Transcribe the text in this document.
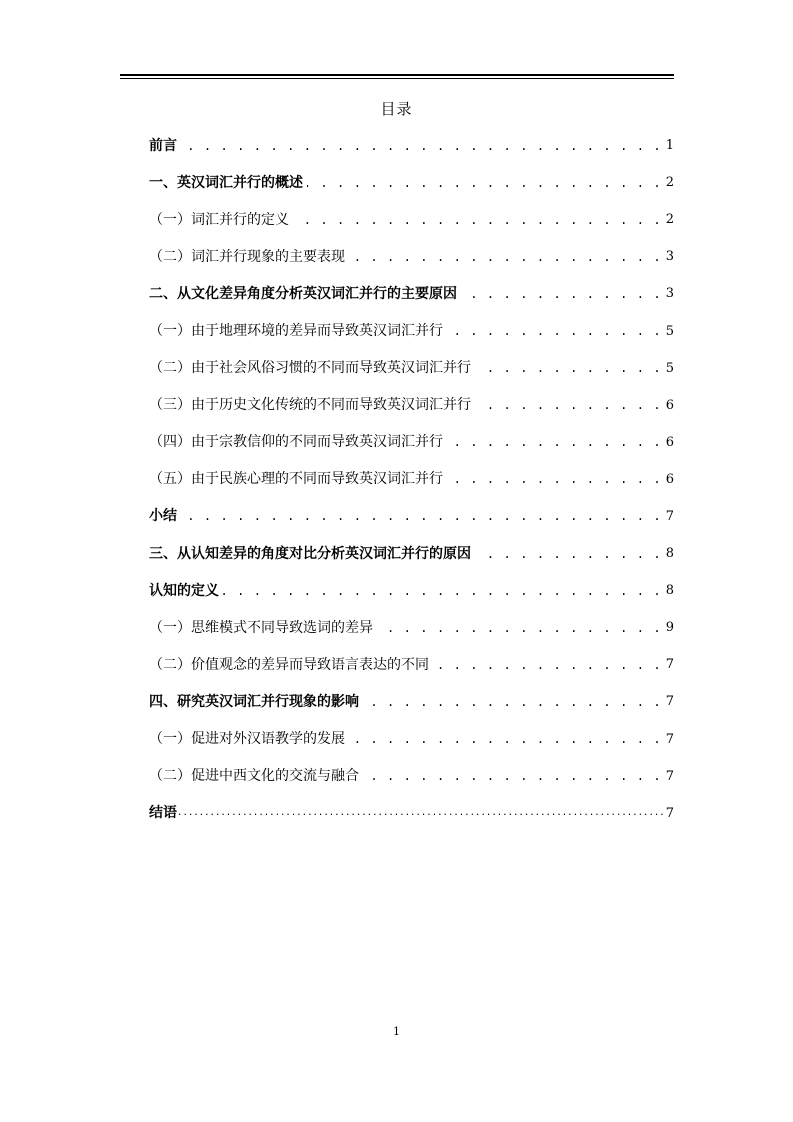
目录
前言 . . .	1
一、英汉词汇并行的概述 . . .	2
（一）词汇并行的定义 . . .	2
（二）词汇并行现象的主要表现 . . .	3
二、从文化差异角度分析英汉词汇并行的主要原因 . . .	3
（一）由于地理环境的差异而导致英汉词汇并行 . . .	5
（二）由于社会风俗习惯的不同而导致英汉词汇并行 . . .	5
（三）由于历史文化传统的不同而导致英汉词汇并行 . . .	6
（四）由于宗教信仰的不同而导致英汉词汇并行 . . .	6
（五）由于民族心理的不同而导致英汉词汇并行 . . .	6
小结 . . .	7
三、从认知差异的角度对比分析英汉词汇并行的原因 . . .	8
认知的定义 . . .	8
（一）思维模式不同导致选词的差异 . . .	9
（二）价值观念的差异而导致语言表达的不同 . . .	7
四、研究英汉词汇并行现象的影响 . . .	7
（一）促进对外汉语教学的发展 . . .	7
（二）促进中西文化的交流与融合 . . .	7
结语 .....	7
1
